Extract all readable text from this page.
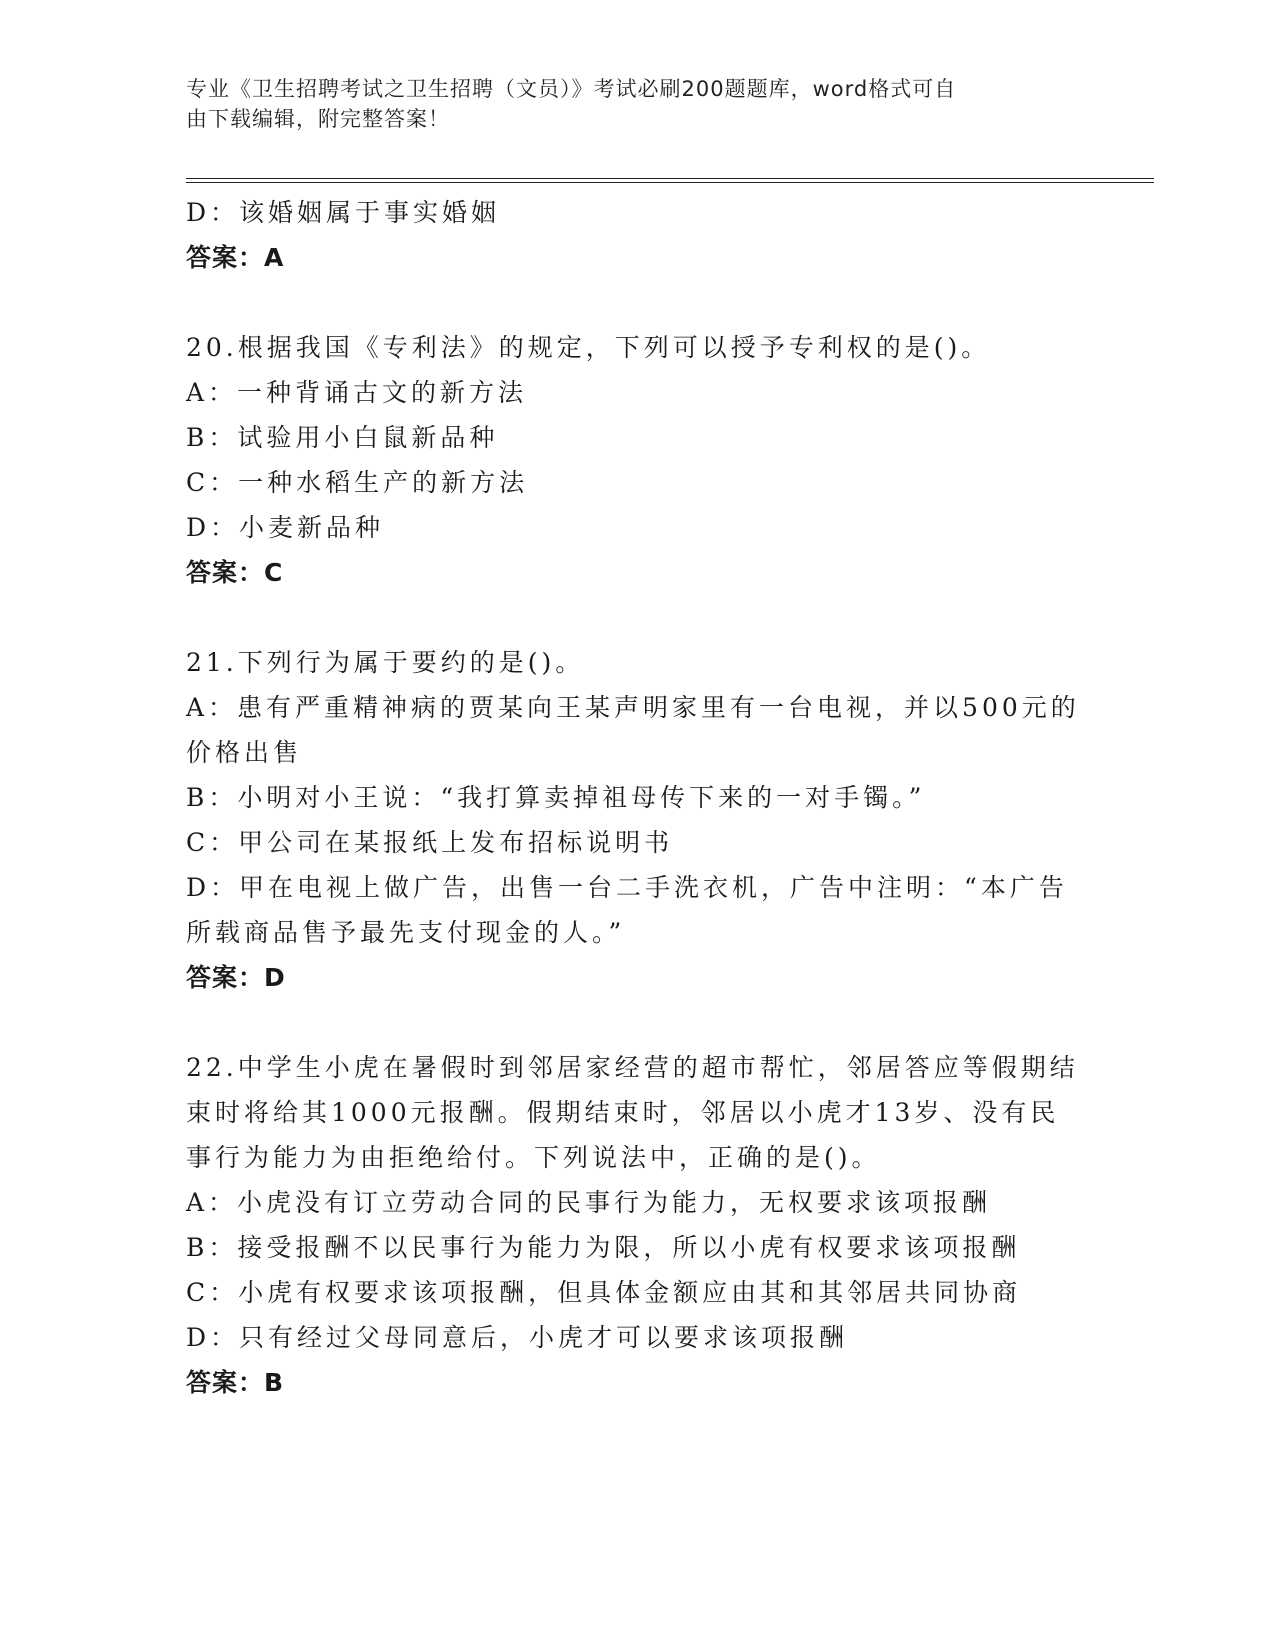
专业《卫生招聘考试之卫生招聘（文员）》考试必刷200题题库，word格式可自
由下载编辑，附完整答案！
D：该婚姻属于事实婚姻
答案：A
20.根据我国《专利法》的规定，下列可以授予专利权的是()。
A：一种背诵古文的新方法
B：试验用小白鼠新品种
C：一种水稻生产的新方法
D：小麦新品种
答案：C
21.下列行为属于要约的是()。
A：患有严重精神病的贾某向王某声明家里有一台电视，并以500元的
价格出售
B：小明对小王说：“我打算卖掉祖母传下来的一对手镯。”
C：甲公司在某报纸上发布招标说明书
D：甲在电视上做广告，出售一台二手洗衣机，广告中注明：“本广告
所载商品售予最先支付现金的人。”
答案：D
22.中学生小虎在暑假时到邻居家经营的超市帮忙，邻居答应等假期结
束时将给其1000元报酬。假期结束时，邻居以小虎才13岁、没有民
事行为能力为由拒绝给付。下列说法中，正确的是()。
A：小虎没有订立劳动合同的民事行为能力，无权要求该项报酬
B：接受报酬不以民事行为能力为限，所以小虎有权要求该项报酬
C：小虎有权要求该项报酬，但具体金额应由其和其邻居共同协商
D：只有经过父母同意后，小虎才可以要求该项报酬
答案：B
